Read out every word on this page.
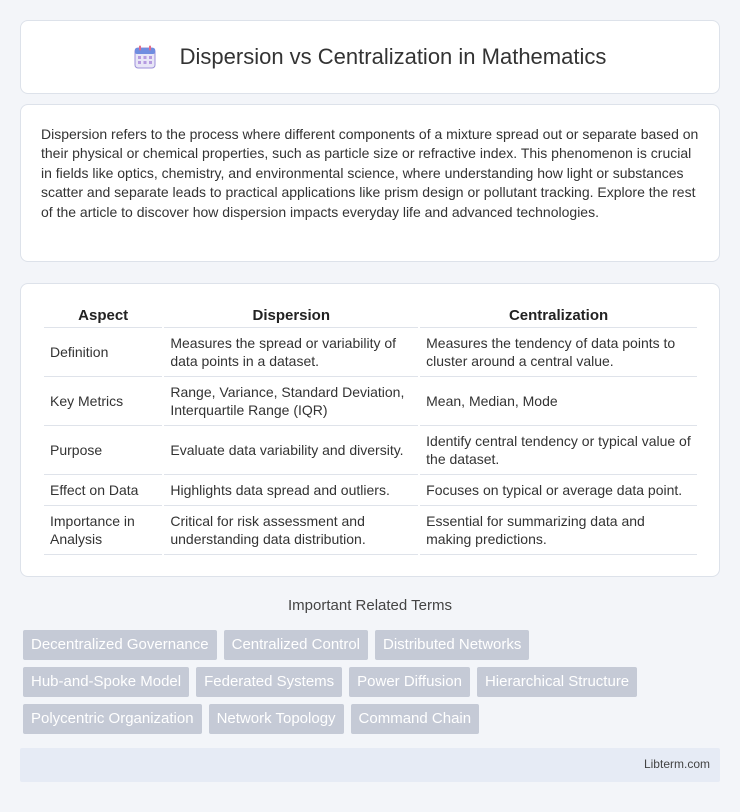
Dispersion vs Centralization in Mathematics

Dispersion refers to the process where different components of a mixture spread out or separate based on their physical or chemical properties, such as particle size or refractive index. This phenomenon is crucial in fields like optics, chemistry, and environmental science, where understanding how light or substances scatter and separate leads to practical applications like prism design or pollutant tracking. Explore the rest of the article to discover how dispersion impacts everyday life and advanced technologies.

Aspect	Dispersion	Centralization
Definition	Measures the spread or variability of data points in a dataset.	Measures the tendency of data points to cluster around a central value.
Key Metrics	Range, Variance, Standard Deviation, Interquartile Range (IQR)	Mean, Median, Mode
Purpose	Evaluate data variability and diversity.	Identify central tendency or typical value of the dataset.
Effect on Data	Highlights data spread and outliers.	Focuses on typical or average data point.
Importance in Analysis	Critical for risk assessment and understanding data distribution.	Essential for summarizing data and making predictions.
Important Related Terms
Decentralized Governance	Centralized Control	Distributed Networks
Hub-and-Spoke Model	Federated Systems	Power Diffusion	Hierarchical Structure
Polycentric Organization	Network Topology	Command Chain
Libterm.com
